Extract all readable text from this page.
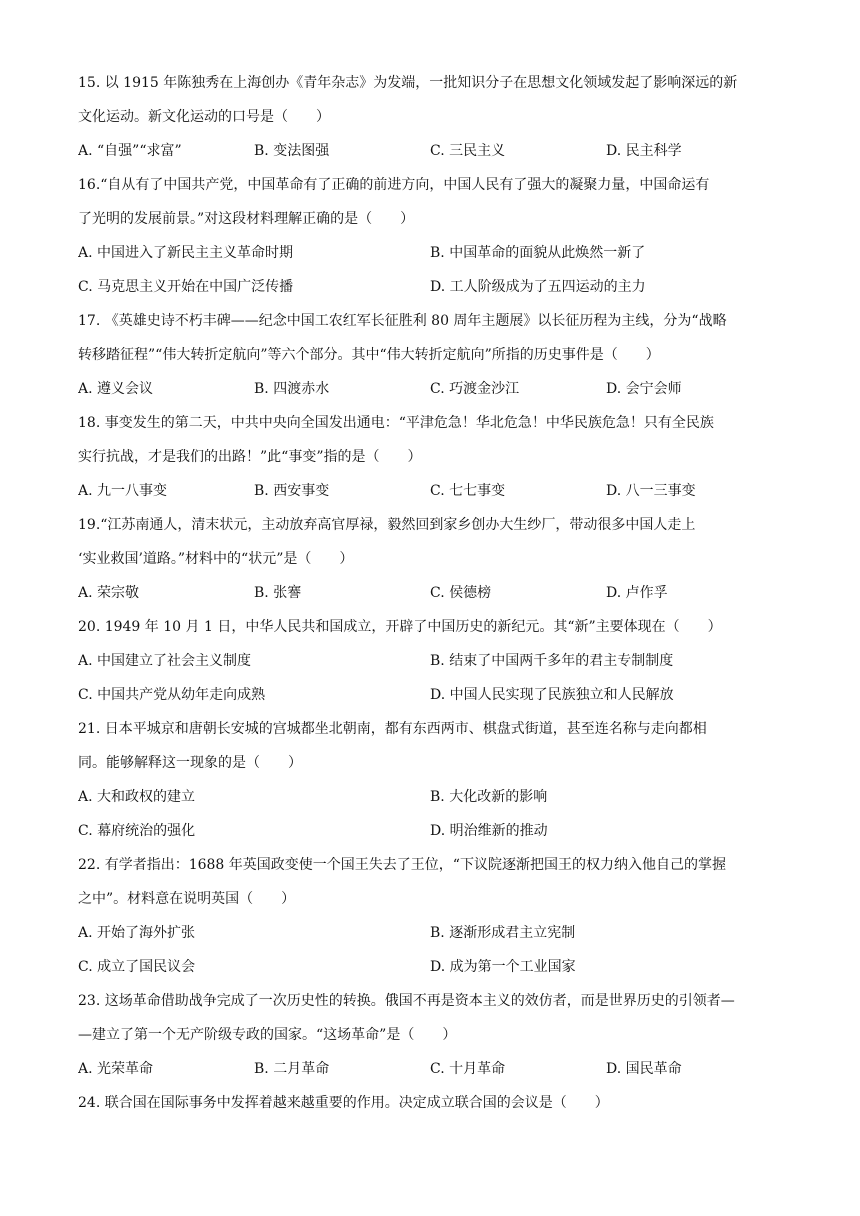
15. 以 1915 年陈独秀在上海创办《青年杂志》为发端，一批知识分子在思想文化领域发起了影响深远的新
文化运动。新文化运动的口号是（　　）
A. “自强”“求富”	B. 变法图强	C. 三民主义	D. 民主科学
16.“自从有了中国共产党，中国革命有了正确的前进方向，中国人民有了强大的凝聚力量，中国命运有
了光明的发展前景。”对这段材料理解正确的是（　　）
A. 中国进入了新民主主义革命时期	B. 中国革命的面貌从此焕然一新了
C. 马克思主义开始在中国广泛传播	D. 工人阶级成为了五四运动的主力
17. 《英雄史诗不朽丰碑——纪念中国工农红军长征胜利 80 周年主题展》以长征历程为主线，分为“战略
转移踏征程”“伟大转折定航向”等六个部分。其中“伟大转折定航向”所指的历史事件是（　　）
A. 遵义会议	B. 四渡赤水	C. 巧渡金沙江	D. 会宁会师
18. 事变发生的第二天，中共中央向全国发出通电：“平津危急！华北危急！中华民族危急！只有全民族
实行抗战，才是我们的出路！”此“事变”指的是（　　）
A. 九一八事变	B. 西安事变	C. 七七事变	D. 八一三事变
19.“江苏南通人，清末状元，主动放弃高官厚禄，毅然回到家乡创办大生纱厂，带动很多中国人走上
‘实业救国’道路。”材料中的“状元”是（　　）
A. 荣宗敬	B. 张謇	C. 侯德榜	D. 卢作孚
20. 1949 年 10 月 1 日，中华人民共和国成立，开辟了中国历史的新纪元。其“新”主要体现在（　　）
A. 中国建立了社会主义制度	B. 结束了中国两千多年的君主专制制度
C. 中国共产党从幼年走向成熟	D. 中国人民实现了民族独立和人民解放
21. 日本平城京和唐朝长安城的宫城都坐北朝南，都有东西两市、棋盘式街道，甚至连名称与走向都相
同。能够解释这一现象的是（　　）
A. 大和政权的建立	B. 大化改新的影响
C. 幕府统治的强化	D. 明治维新的推动
22. 有学者指出：1688 年英国政变使一个国王失去了王位，“下议院逐渐把国王的权力纳入他自己的掌握
之中”。材料意在说明英国（　　）
A. 开始了海外扩张	B. 逐渐形成君主立宪制
C. 成立了国民议会	D. 成为第一个工业国家
23. 这场革命借助战争完成了一次历史性的转换。俄国不再是资本主义的效仿者，而是世界历史的引领者—
—建立了第一个无产阶级专政的国家。“这场革命”是（　　）
A. 光荣革命	B. 二月革命	C. 十月革命	D. 国民革命
24. 联合国在国际事务中发挥着越来越重要的作用。决定成立联合国的会议是（　　）
